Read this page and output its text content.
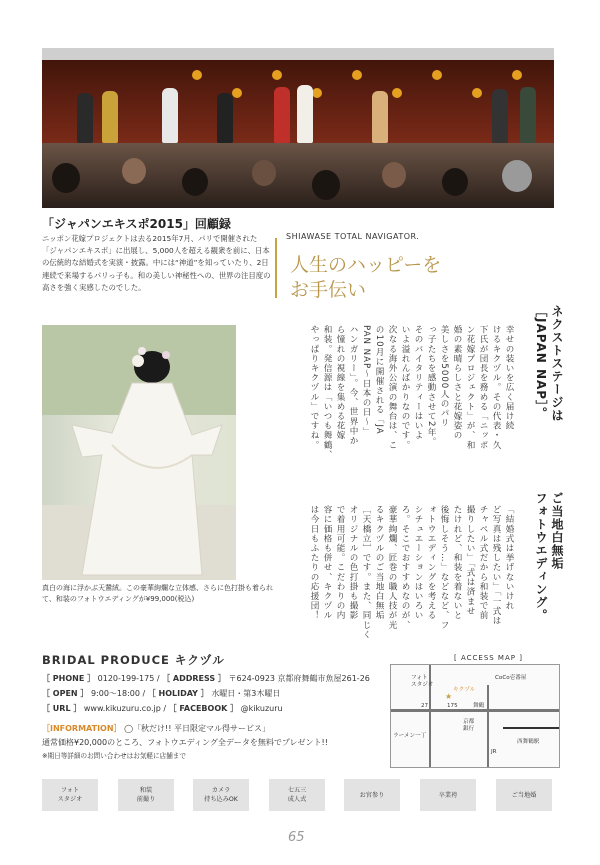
「ジャパンエキスポ2015」回顧録
ニッポン花嫁プロジェクトは去る2015年7月、パリで開催された「ジャパンエキスポ」に出展し、5,000人を超える観衆を前に、日本の伝統的な結婚式を実演・披露。中には“神道”を知っていたり、2日連続で来場するパリっ子も。和の美しい神秘性への、世界の注目度の高さを強く実感したのでした。
真白の海に浮かぶ天鵞絨。この豪華絢爛な立体感、さらに色打掛も着られて、和装のフォトウエディングが¥99,000(税込)
SHIAWASE TOTAL NAVIGATOR.
人生のハッピーを
お手伝い
ネクストステージは
［JAPAN NAP］。
幸せの装いを広く届け続
けるキクヅル。その代表・久
下氏が団長を務める「ニッポ
ン花嫁プロジェクト」が、和
婚の素晴らしさと花嫁姿の
美しさを5000人のパリ
っ子たちを感動させて2年。
そのバイタリティーはいよ
いよ溢れんばかりなのです。
次なる海外公演の舞台は、こ
の10月に開催される「JA
PAN NAP〜日本の日〜」
ハンガリー」。今、世界中か
ら憧れの視線を集める花嫁
和装。発信源は「いつも舞鶴、
やっぱりキクヅル」ですね。

ご当地白無垢
フォトウエディング。
「結婚式は挙げないけれ
ど写真は残したい」「一式は
チャペル式だから和装で前
撮りしたい」「式は済ませ
たけれど、和装を着ないと
後悔しそう…」などなど、フ
ォトウエディングを考える
シチュエーションはいろい
ろ。そこでおすすめなのが、
豪華絢爛、匠巻の職人技が光
るキクヅルのご当地白無垢
［天橋立］です。また、同じく
オリジナルの色打掛も撮影
で着用可能。こだわりの内
容に価格も併せ、キクヅル
は今日もふたりの応援団！

BRIDAL PRODUCE キクヅル
［ PHONE ］ 0120-199-175 / ［ ADDRESS ］ 〒624-0923 京都府舞鶴市魚屋261-26
［ OPEN ］ 9:00〜18:00 / ［ HOLIDAY ］ 水曜日・第3木曜日
［ URL ］ www.kikuzuru.co.jp / ［ FACEBOOK ］ @kikuzuru
［INFORMATION］ ◯「秋だけ!! 平日限定マル得サービス」
通常価格¥20,000のところ、フォトウエディング全データを無料でプレゼント!!
※期日等詳細のお問い合わせはお気軽に店舗まで
[ ACCESS MAP ]
フォト
スタジオ
キクヅル
CoCo壱番屋
ラーメン一丁
京都
銀行
西舞鶴駅
舞鶴
JR
27	175
★
フォト
スタジオ
和装
前撮り
カメラ
持ち込みOK
七五三
成人式
お宮参り	卒業袴	ご当地婚
65
